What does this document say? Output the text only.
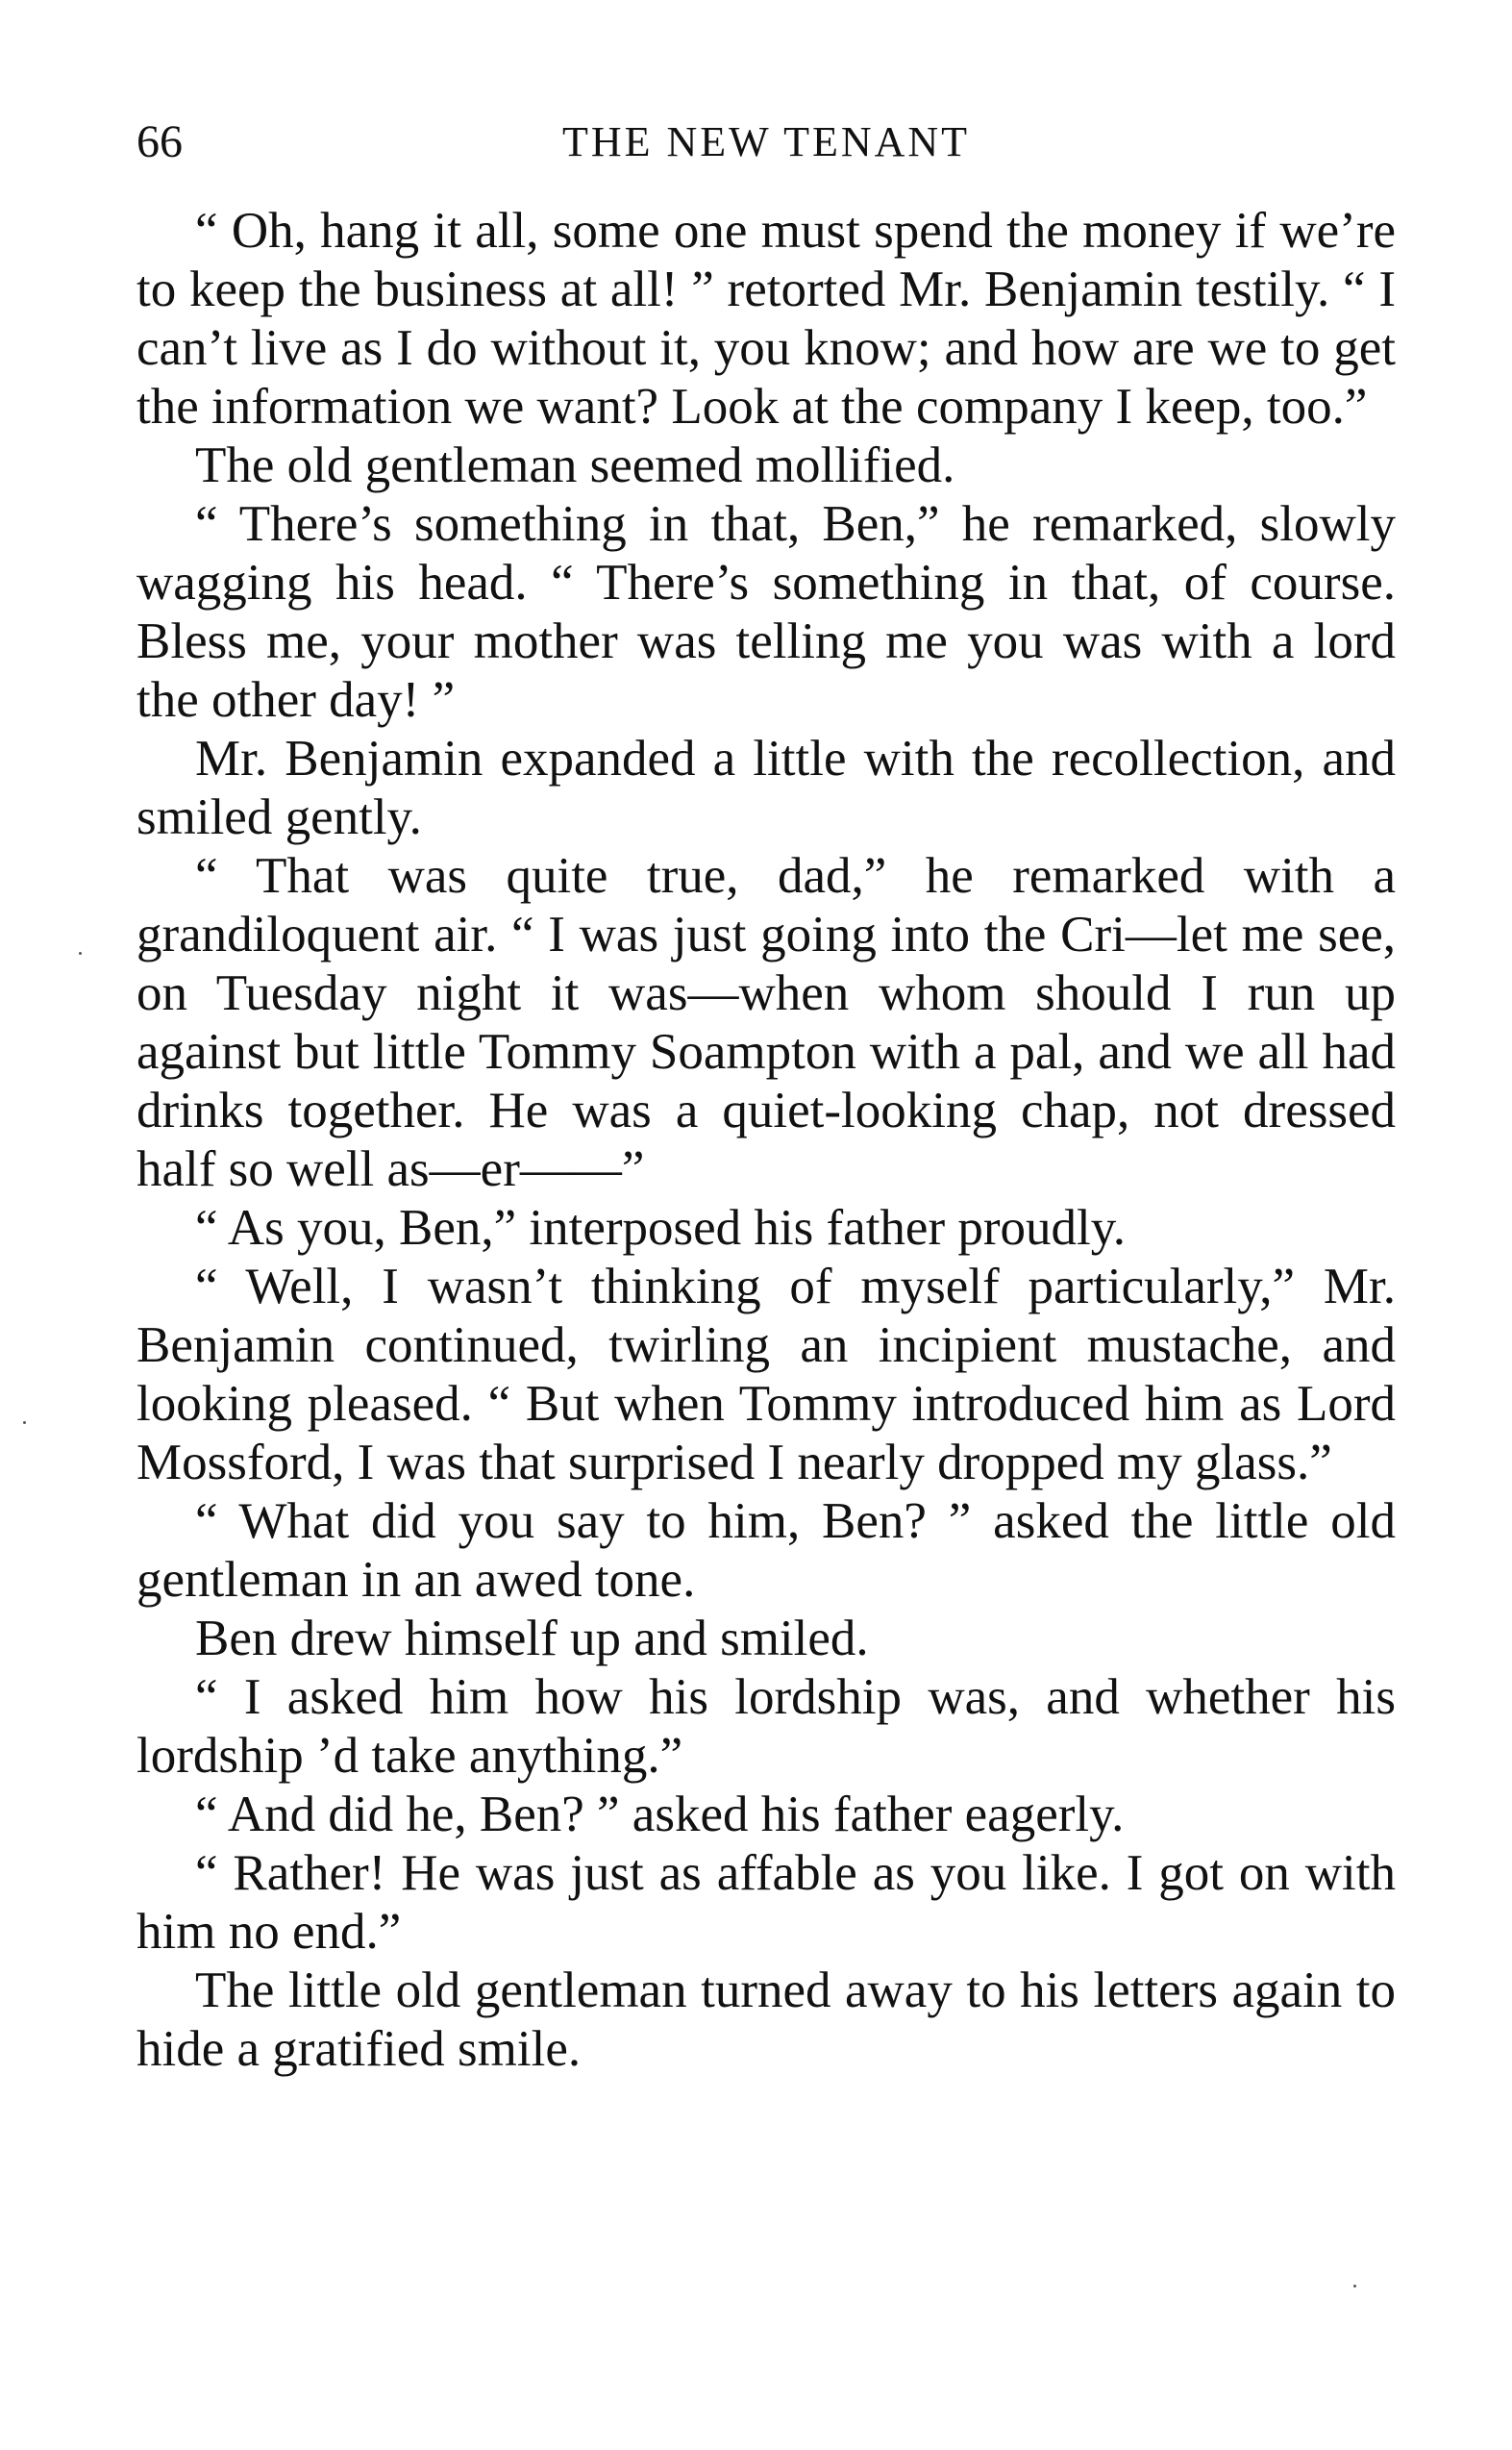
66	THE NEW TENANT

“ Oh, hang it all, some one must spend the money if we’re to keep the business at all! ” retorted Mr. Benjamin testily. “ I can’t live as I do without it, you know; and how are we to get the information we want? Look at the company I keep, too.”

The old gentleman seemed mollified.

“ There’s something in that, Ben,” he remarked, slowly wagging his head. “ There’s something in that, of course. Bless me, your mother was telling me you was with a lord the other day! ”

Mr. Benjamin expanded a little with the recollection, and smiled gently.

“ That was quite true, dad,” he remarked with a grandiloquent air. “ I was just going into the Cri—let me see, on Tuesday night it was—when whom should I run up against but little Tommy Soampton with a pal, and we all had drinks together. He was a quiet-looking chap, not dressed half so well as—er——”

“ As you, Ben,” interposed his father proudly.

“ Well, I wasn’t thinking of myself particularly,” Mr. Benjamin continued, twirling an incipient mustache, and looking pleased. “ But when Tommy introduced him as Lord Mossford, I was that surprised I nearly dropped my glass.”

“ What did you say to him, Ben? ” asked the little old gentleman in an awed tone.

Ben drew himself up and smiled.

“ I asked him how his lordship was, and whether his lordship ’d take anything.”

“ And did he, Ben? ” asked his father eagerly.

“ Rather! He was just as affable as you like. I got on with him no end.”

The little old gentleman turned away to his letters again to hide a gratified smile.
